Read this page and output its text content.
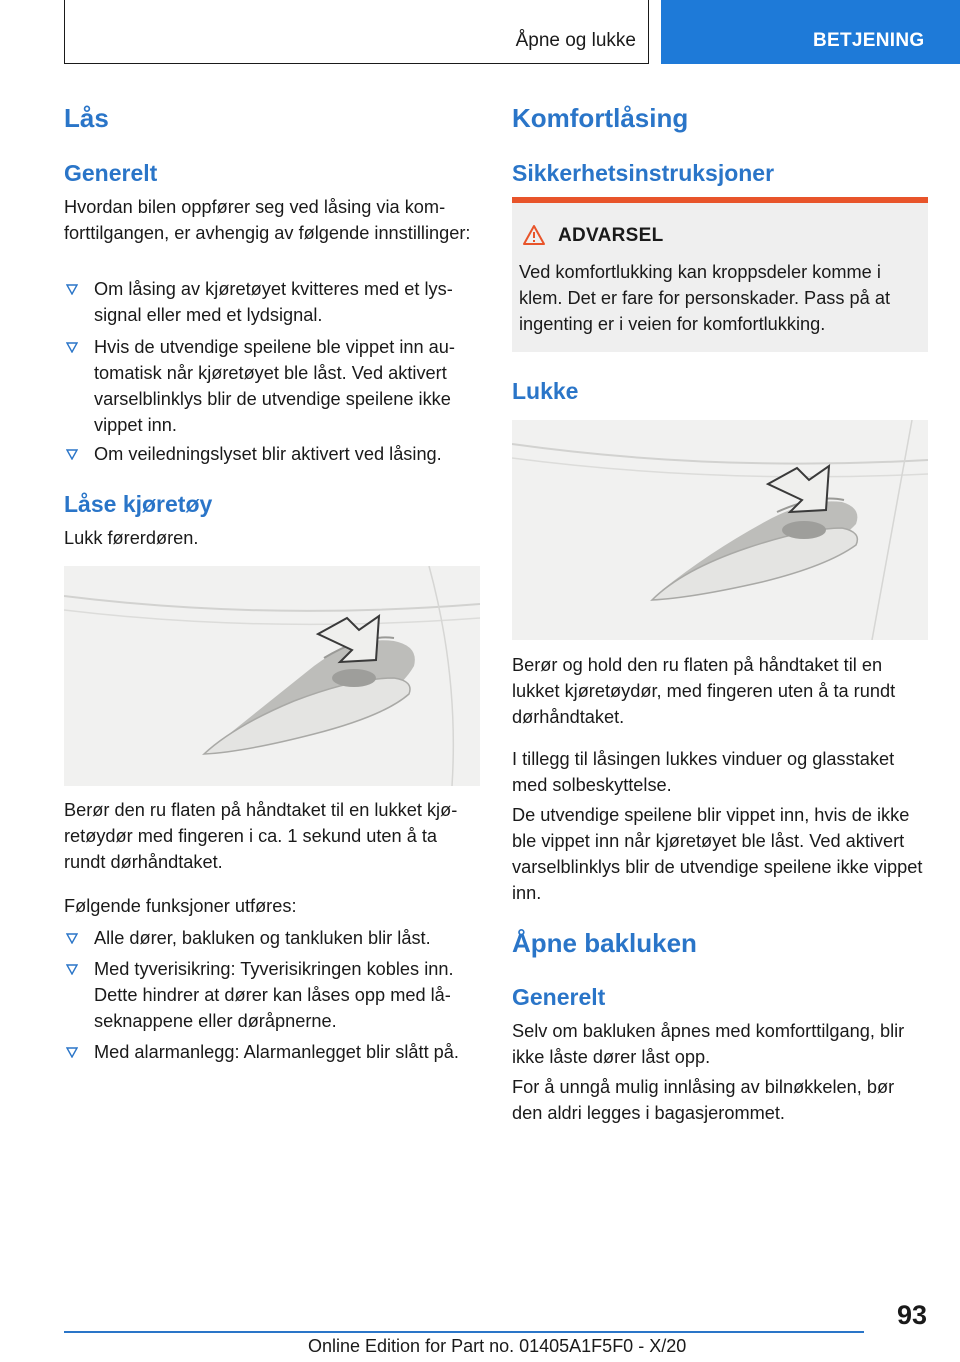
Åpne og lukke	BETJENING
Lås
Generelt
Hvordan bilen oppfører seg ved låsing via komforttilgangen, er avhengig av følgende innstillinger:
Om låsing av kjøretøyet kvitteres med et lyssignal eller med et lydsignal.
Hvis de utvendige speilene ble vippet inn automatisk når kjøretøyet ble låst. Ved aktivert varselblinklys blir de utvendige speilene ikke vippet inn.
Om veiledningslyset blir aktivert ved låsing.
Låse kjøretøy
Lukk førerdøren.
Berør den ru flaten på håndtaket til en lukket kjøretøydør med fingeren i ca. 1 sekund uten å ta rundt dørhåndtaket.
Følgende funksjoner utføres:
Alle dører, bakluken og tankluken blir låst.
Med tyverisikring: Tyverisikringen kobles inn. Dette hindrer at dører kan låses opp med låseknappene eller døråpnerne.
Med alarmanlegg: Alarmanlegget blir slått på.
Komfortlåsing
Sikkerhetsinstruksjoner
ADVARSEL
Ved komfortlukking kan kroppsdeler komme i klem. Det er fare for personskader. Pass på at ingenting er i veien for komfortlukking.
Lukke
Berør og hold den ru flaten på håndtaket til en lukket kjøretøydør, med fingeren uten å ta rundt dørhåndtaket.
I tillegg til låsingen lukkes vinduer og glasstaket med solbeskyttelse.
De utvendige speilene blir vippet inn, hvis de ikke ble vippet inn når kjøretøyet ble låst. Ved aktivert varselblinklys blir de utvendige speilene ikke vippet inn.
Åpne bakluken
Generelt
Selv om bakluken åpnes med komforttilgang, blir ikke låste dører låst opp.
For å unngå mulig innlåsing av bilnøkkelen, bør den aldri legges i bagasjerommet.
93
Online Edition for Part no. 01405A1F5F0 - X/20
